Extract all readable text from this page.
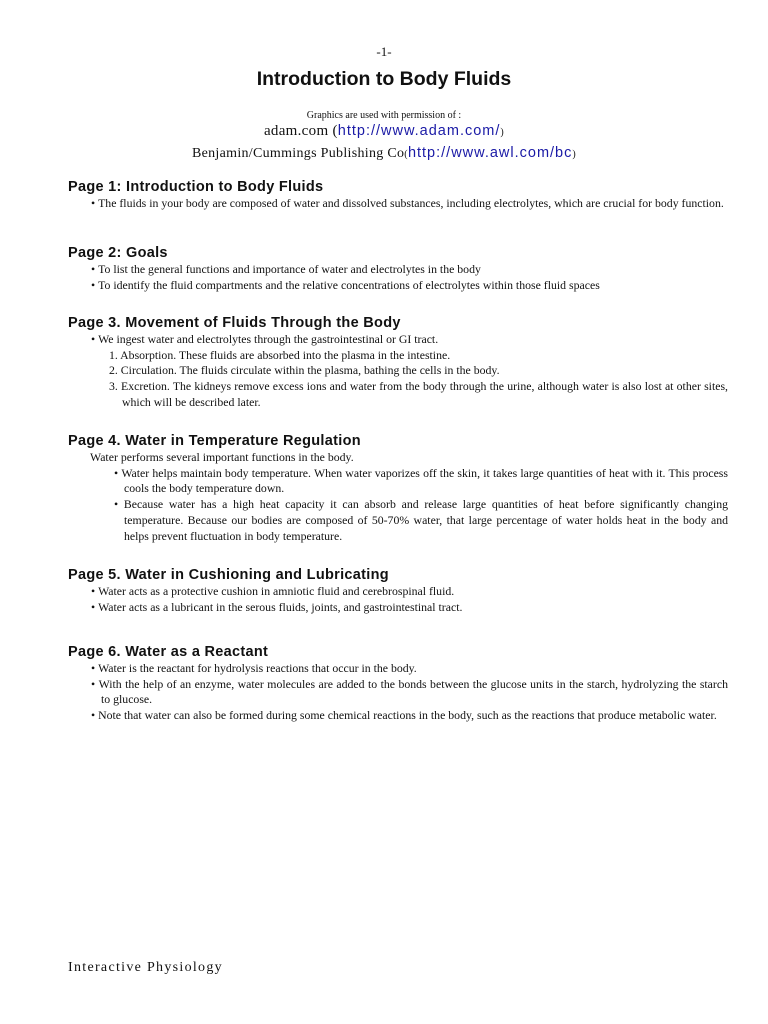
-1-
Introduction to Body Fluids
Graphics are used with permission of :
adam.com (http://www.adam.com/)
Benjamin/Cummings Publishing Co(http://www.awl.com/bc)
Page 1: Introduction to Body Fluids
• The fluids in your body are composed of water and dissolved substances, including electrolytes, which are crucial for body function.
Page 2: Goals
• To list the general functions and importance of water and electrolytes in the body
• To identify the fluid compartments and the relative concentrations of electrolytes within those fluid spaces
Page 3. Movement of Fluids Through the Body
• We ingest water and electrolytes through the gastrointestinal or GI tract.
1. Absorption. These fluids are absorbed into the plasma in the intestine.
2. Circulation. The fluids circulate within the plasma, bathing the cells in the body.
3. Excretion. The kidneys remove excess ions and water from the body through the urine, although water is also lost at other sites, which will be described later.
Page 4. Water in Temperature Regulation
Water performs several important functions in the body.
• Water helps maintain body temperature. When water vaporizes off the skin, it takes large quantities of heat with it. This process cools the body temperature down.
• Because water has a high heat capacity it can absorb and release large quantities of heat before significantly changing temperature. Because our bodies are composed of 50-70% water, that large percentage of water holds heat in the body and helps prevent fluctuation in body temperature.
Page 5. Water in Cushioning and Lubricating
• Water acts as a protective cushion in amniotic fluid and cerebrospinal fluid.
• Water acts as a lubricant in the serous fluids, joints, and gastrointestinal tract.
Page 6. Water as a Reactant
• Water is the reactant for hydrolysis reactions that occur in the body.
• With the help of an enzyme, water molecules are added to the bonds between the glucose units in the starch, hydrolyzing the starch to glucose.
• Note that water can also be formed during some chemical reactions in the body, such as the reactions that produce metabolic water.
Interactive Physiology
